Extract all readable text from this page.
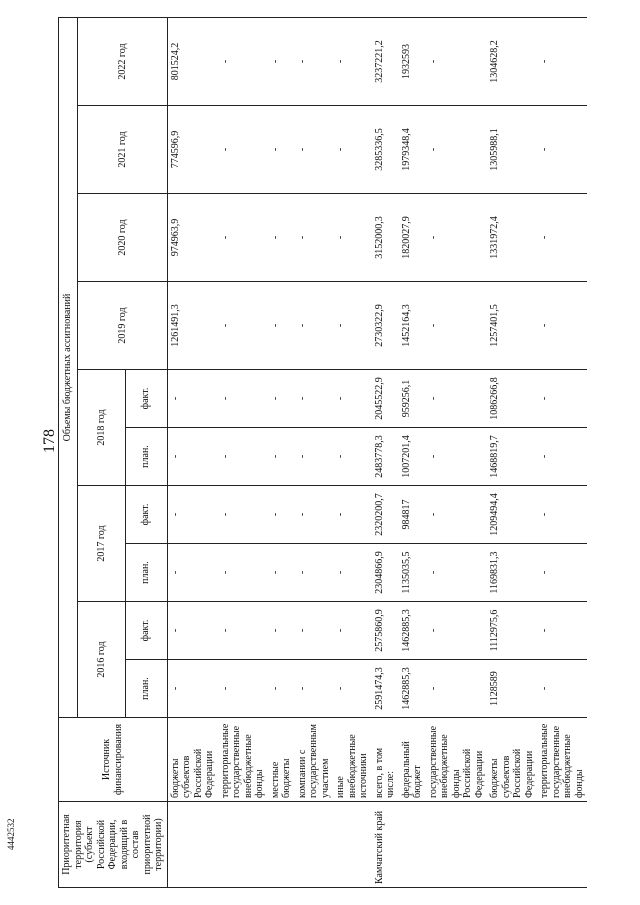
178
4442532	Приоритетная территория (субъект Российской Федерации, входящий в состав приоритетной территории)	Источник финансирования	Объемы бюджетных ассигнований									
		2016 год		2017 год		2018 год		2019 год	2020 год	2021 год	2022 год
		план.	факт.	план.	факт.	план.	факт.				
	бюджеты субъектов Российской Федерации	-	-	-	-	-	-	1261491,3	974963,9	774596,9	801524,2
	территориальные государственные внебюджетные фонды	-	-	-	-	-	-	-	-	-	-
	местные бюджеты	-	-	-	-	-	-	-	-	-	-
	компании с государственным участием	-	-	-	-	-	-	-	-	-	-
	иные внебюджетные источники	-	-	-	-	-	-	-	-	-	-
Камчатский край	всего, в том числе:	2591474,3	2575860,9	2304866,9	2320200,7	2483778,3	2045522,9	2730322,9	3152000,3	3285336,5	3237221,2
	федеральный бюджет	1462885,3	1462885,3	1135035,5	984817	1007201,4	959256,1	1452164,3	1820027,9	1979348,4	1932593
	государственные внебюджетные фонды Российской Федерации	-	-	-	-	-	-	-	-	-	-
	бюджеты субъектов Российской Федерации	1128589	1112975,6	1169831,3	1209494,4	1468819,7	1086266,8	1257401,5	1331972,4	1305988,1	1304628,2
	территориальные государственные внебюджетные фонды	-	-	-	-	-	-	-	-	-	-
